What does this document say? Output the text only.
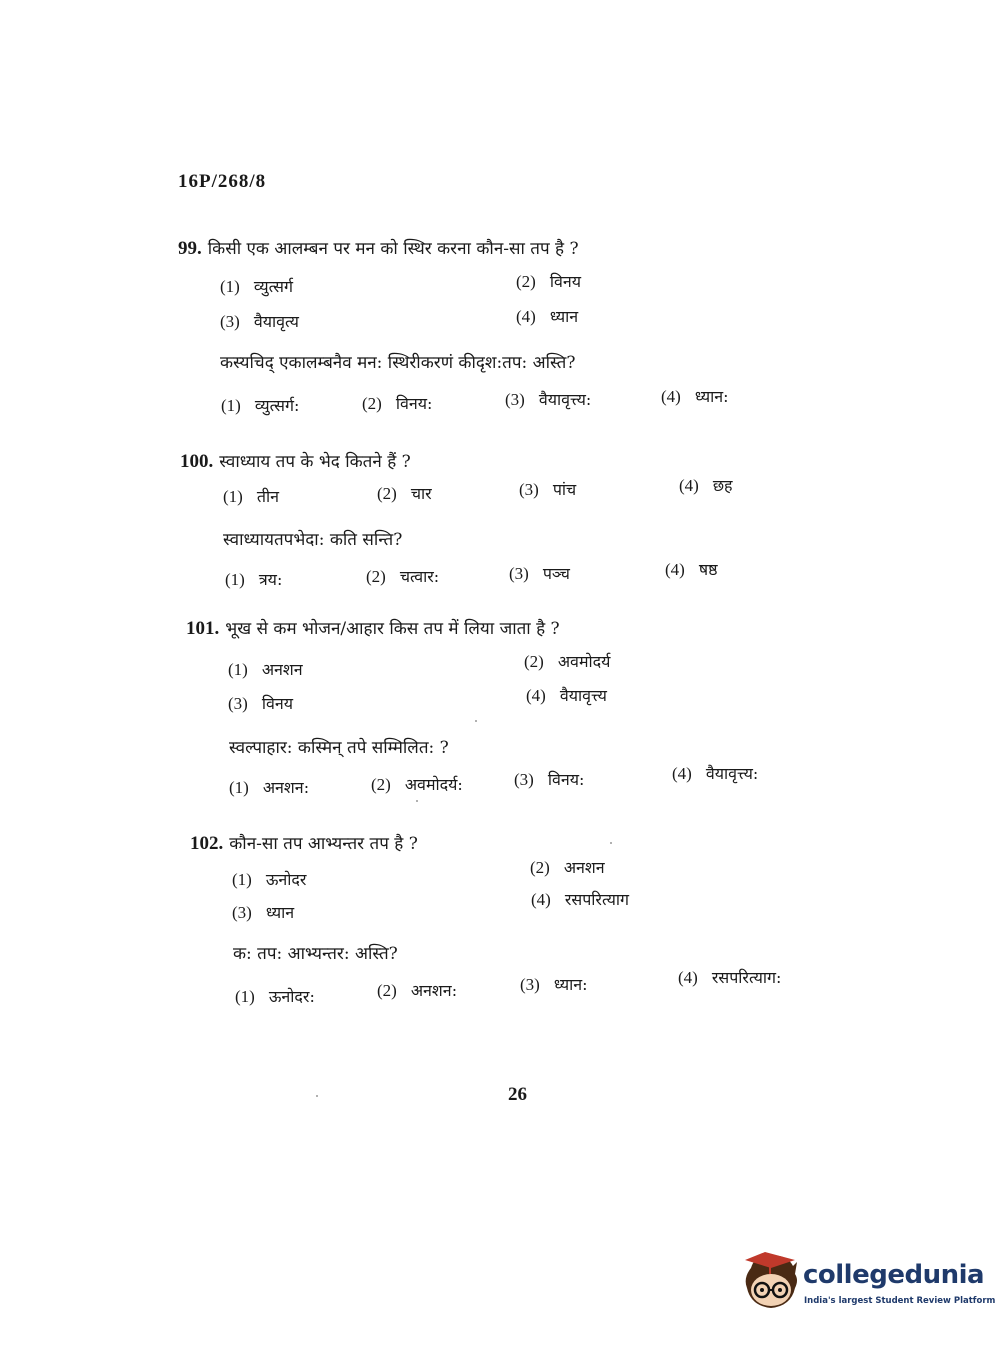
16P/268/8
99. किसी एक आलम्बन पर मन को स्थिर करना कौन-सा तप है ?
(1) व्युत्सर्ग	(2) विनय
(3) वैयावृत्य	(4) ध्यान
कस्यचिद् एकालम्बनैव मन: स्थिरीकरणं कीदृश:तप: अस्ति?
(1) व्युत्सर्ग:	(2) विनय:	(3) वैयावृत्त्य:	(4) ध्यान:
100. स्वाध्याय तप के भेद कितने हैं ?
(1) तीन	(2) चार	(3) पांच	(4) छह
स्वाध्यायतपभेदा: कति सन्ति?
(1) त्रय:	(2) चत्वार:	(3) पञ्च	(4) षष्ठ
101. भूख से कम भोजन/आहार किस तप में लिया जाता है ?
(1) अनशन	(2) अवमोदर्य
(3) विनय	(4) वैयावृत्त्य
स्वल्पाहार: कस्मिन् तपे सम्मिलित: ?
(1) अनशन:	(2) अवमोदर्य:	(3) विनय:	(4) वैयावृत्त्य:
102. कौन-सा तप आभ्यन्तर तप है ?
(1) ऊनोदर
(2) अनशन
(3) ध्यान
(4) रसपरित्याग
क: तप: आभ्यन्तर: अस्ति?
(1) ऊनोदर:	(2) अनशन:	(3) ध्यान:	(4) रसपरित्याग:
26
collegedunia
India's largest Student Review Platform
